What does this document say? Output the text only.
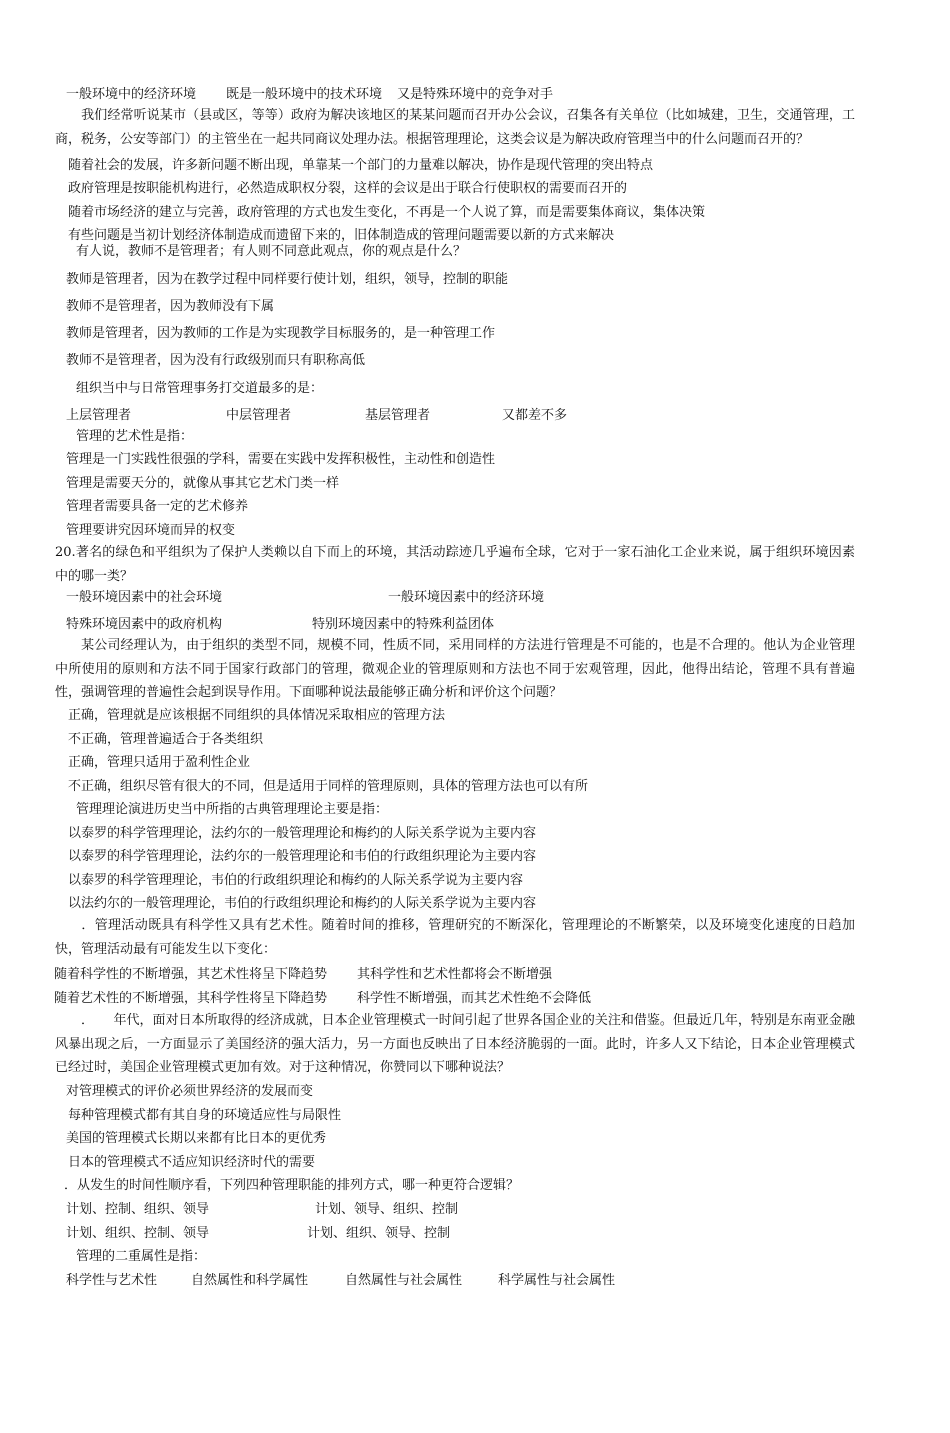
一般环境中的经济环境 既是一般环境中的技术环境 又是特殊环境中的竞争对手
我们经常听说某市（县或区，等等）政府为解决该地区的某某问题而召开办公会议，召集各有关单位（比如城建，卫生，交通管理，工商，税务，公安等部门）的主管坐在一起共同商议处理办法。根据管理理论，这类会议是为解决政府管理当中的什么问题而召开的？
随着社会的发展，许多新问题不断出现，单靠某一个部门的力量难以解决，协作是现代管理的突出特点
政府管理是按职能机构进行，必然造成职权分裂，这样的会议是出于联合行使职权的需要而召开的
随着市场经济的建立与完善，政府管理的方式也发生变化，不再是一个人说了算，而是需要集体商议，集体决策
有些问题是当初计划经济体制造成而遗留下来的，旧体制造成的管理问题需要以新的方式来解决
有人说，教师不是管理者；有人则不同意此观点，你的观点是什么？
教师是管理者，因为在教学过程中同样要行使计划，组织，领导，控制的职能
教师不是管理者，因为教师没有下属
教师是管理者，因为教师的工作是为实现教学目标服务的，是一种管理工作
教师不是管理者，因为没有行政级别而只有职称高低
组织当中与日常管理事务打交道最多的是：
上层管理者	中层管理者	基层管理者	又都差不多
管理的艺术性是指：
管理是一门实践性很强的学科，需要在实践中发挥积极性，主动性和创造性
管理是需要天分的，就像从事其它艺术门类一样
管理者需要具备一定的艺术修养
管理要讲究因环境而异的权变
20.著名的绿色和平组织为了保护人类赖以自下而上的环境，其活动踪迹几乎遍布全球，它对于一家石油化工企业来说，属于组织环境因素中的哪一类？
一般环境因素中的社会环境	一般环境因素中的经济环境
特殊环境因素中的政府机构	特别环境因素中的特殊利益团体
某公司经理认为，由于组织的类型不同，规模不同，性质不同，采用同样的方法进行管理是不可能的，也是不合理的。他认为企业管理中所使用的原则和方法不同于国家行政部门的管理，微观企业的管理原则和方法也不同于宏观管理，因此，他得出结论，管理不具有普遍性，强调管理的普遍性会起到误导作用。下面哪种说法最能够正确分析和评价这个问题？
正确，管理就是应该根据不同组织的具体情况采取相应的管理方法
不正确，管理普遍适合于各类组织
正确，管理只适用于盈利性企业
不正确，组织尽管有很大的不同，但是适用于同样的管理原则，具体的管理方法也可以有所
管理理论演进历史当中所指的古典管理理论主要是指：
以泰罗的科学管理理论，法约尔的一般管理理论和梅约的人际关系学说为主要内容
以泰罗的科学管理理论，法约尔的一般管理理论和韦伯的行政组织理论为主要内容
以泰罗的科学管理理论，韦伯的行政组织理论和梅约的人际关系学说为主要内容
以法约尔的一般管理理论，韦伯的行政组织理论和梅约的人际关系学说为主要内容
．管理活动既具有科学性又具有艺术性。随着时间的推移，管理研究的不断深化，管理理论的不断繁荣，以及环境变化速度的日趋加快，管理活动最有可能发生以下变化：
随着科学性的不断增强，其艺术性将呈下降趋势 其科学性和艺术性都将会不断增强
随着艺术性的不断增强，其科学性将呈下降趋势 科学性不断增强，而其艺术性绝不会降低
．　　年代，面对日本所取得的经济成就，日本企业管理模式一时间引起了世界各国企业的关注和借鉴。但最近几年，特别是东南亚金融风暴出现之后，一方面显示了美国经济的强大活力，另一方面也反映出了日本经济脆弱的一面。此时，许多人又下结论，日本企业管理模式已经过时，美国企业管理模式更加有效。对于这种情况，你赞同以下哪种说法？
对管理模式的评价必须世界经济的发展而变
每种管理模式都有其自身的环境适应性与局限性
美国的管理模式长期以来都有比日本的更优秀
日本的管理模式不适应知识经济时代的需要
．从发生的时间性顺序看，下列四种管理职能的排列方式，哪一种更符合逻辑？
计划、控制、组织、领导	计划、领导、组织、控制
计划、组织、控制、领导	计划、组织、领导、控制
管理的二重属性是指：
科学性与艺术性	自然属性和科学属性	自然属性与社会属性	科学属性与社会属性
